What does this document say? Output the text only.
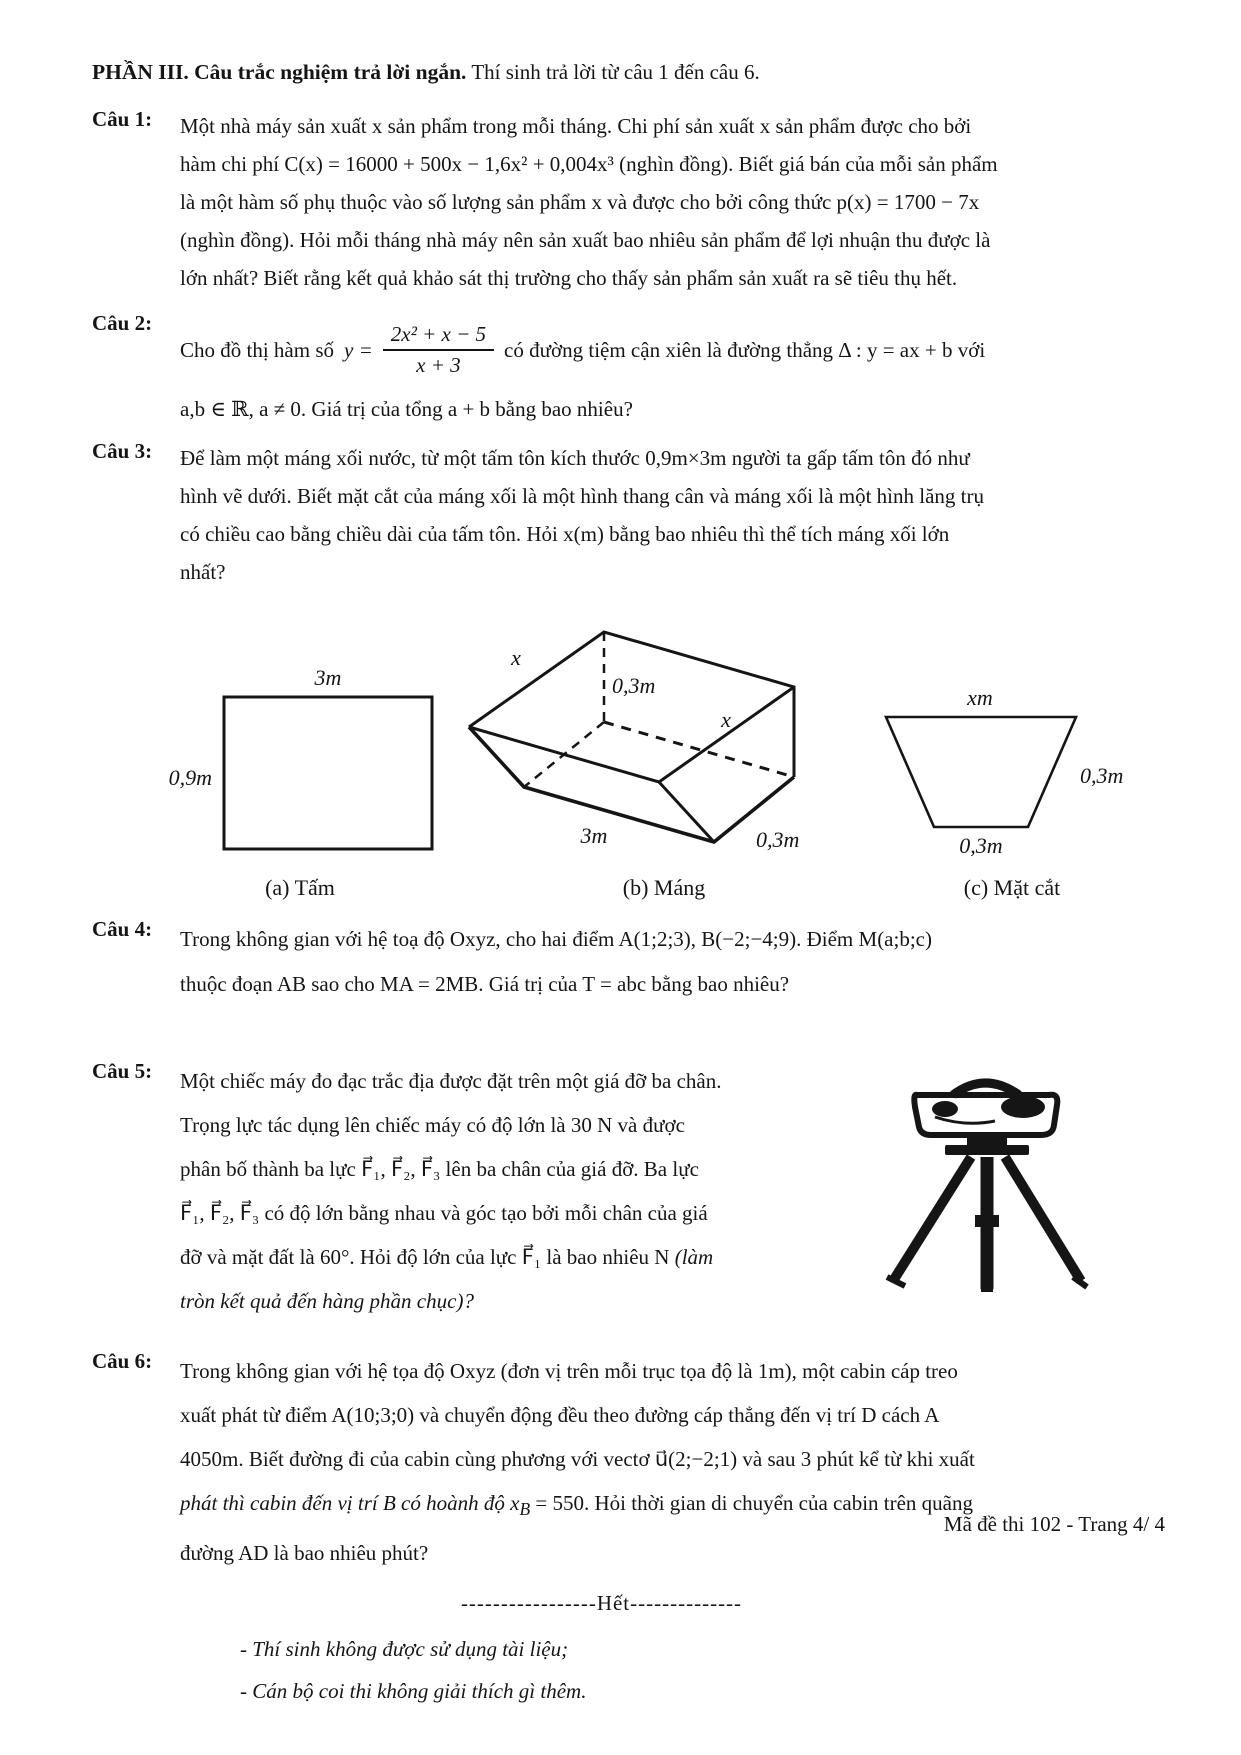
PHẦN III. Câu trắc nghiệm trả lời ngắn. Thí sinh trả lời từ câu 1 đến câu 6.
Câu 1:	Một nhà máy sản xuất x sản phẩm trong mỗi tháng. Chi phí sản xuất x sản phẩm được cho bởi
hàm chi phí C(x) = 16000 + 500x − 1,6x² + 0,004x³ (nghìn đồng). Biết giá bán của mỗi sản phẩm
là một hàm số phụ thuộc vào số lượng sản phẩm x và được cho bởi công thức p(x) = 1700 − 7x
(nghìn đồng). Hỏi mỗi tháng nhà máy nên sản xuất bao nhiêu sản phẩm để lợi nhuận thu được là
lớn nhất? Biết rằng kết quả khảo sát thị trường cho thấy sản phẩm sản xuất ra sẽ tiêu thụ hết.
Câu 2:
Cho đồ thị hàm số $y = \frac{\text{2x² + x − 5}}{x + 3}$ có đường tiệm cận xiên là đường thẳng Δ : y = ax + b với
a,b ∈ ℝ, a ≠ 0. Giá trị của tổng a + b bằng bao nhiêu?
Câu 3:	Để làm một máng xối nước, từ một tấm tôn kích thước 0,9m×3m người ta gấp tấm tôn đó như
hình vẽ dưới. Biết mặt cắt của máng xối là một hình thang cân và máng xối là một hình lăng trụ
có chiều cao bằng chiều dài của tấm tôn. Hỏi x(m) bằng bao nhiêu thì thể tích máng xối lớn
nhất?
3m
0,9m
(a) Tấm
x
0,3m
x
3m	0,3m
(b) Máng
xm
0,3m
0,3m
(c) Mặt cắt
Câu 4:	Trong không gian với hệ toạ độ Oxyz, cho hai điểm A(1;2;3), B(−2;−4;9). Điểm M(a;b;c)
thuộc đoạn AB sao cho MA = 2MB. Giá trị của T = abc bằng bao nhiêu?
Câu 5:	Một chiếc máy đo đạc trắc địa được đặt trên một giá đỡ ba chân.
Trọng lực tác dụng lên chiếc máy có độ lớn là 30 N và được
phân bố thành ba lực F⃗₁, F⃗₂, F⃗₃ lên ba chân của giá đỡ. Ba lực
F⃗₁, F⃗₂, F⃗₃ có độ lớn bằng nhau và góc tạo bởi mỗi chân của giá
đỡ và mặt đất là 60°. Hỏi độ lớn của lực F⃗₁ là bao nhiêu N (làm
tròn kết quả đến hàng phần chục)?
Câu 6:	Trong không gian với hệ tọa độ Oxyz (đơn vị trên mỗi trục tọa độ là 1m), một cabin cáp treo
xuất phát từ điểm A(10;3;0) và chuyển động đều theo đường cáp thẳng đến vị trí D cách A
4050m. Biết đường đi của cabin cùng phương với vectơ u⃗(2;−2;1) và sau 3 phút kể từ khi xuất
phát thì cabin đến vị trí B có hoành độ $x_B = 550$. Hỏi thời gian di chuyển của cabin trên quãng
đường AD là bao nhiêu phút?
-----------------Hết--------------
- Thí sinh không được sử dụng tài liệu;
- Cán bộ coi thi không giải thích gì thêm.
Mã đề thi 102 - Trang 4/ 4
